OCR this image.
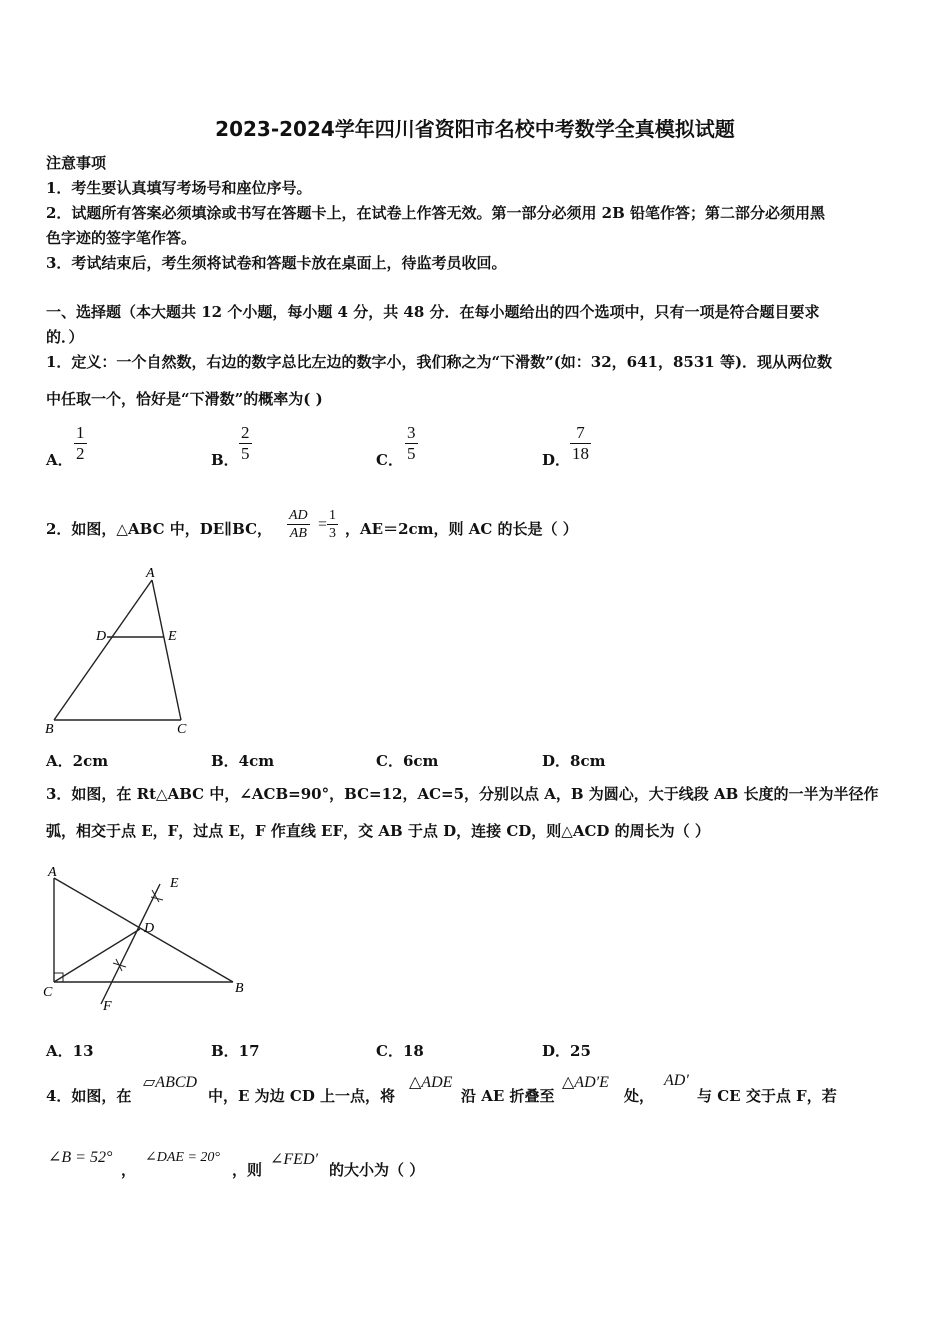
2023-2024学年四川省资阳市名校中考数学全真模拟试题
注意事项
1．考生要认真填写考场号和座位序号。
2．试题所有答案必须填涂或书写在答题卡上，在试卷上作答无效。第一部分必须用 2B 铅笔作答；第二部分必须用黑
色字迹的签字笔作答。
3．考试结束后，考生须将试卷和答题卡放在桌面上，待监考员收回。
一、选择题（本大题共 12 个小题，每小题 4 分，共 48 分．在每小题给出的四个选项中，只有一项是符合题目要求
的．）
1．定义：一个自然数，右边的数字总比左边的数字小，我们称之为“下滑数”(如：32，641，8531 等)．现从两位数
中任取一个，恰好是“下滑数”的概率为( )
A．
1
2	B．
2
5	C．
3
5	D．
7
18
2．如图，△ABC 中，DE∥BC，
AD
AB
=
1
3 ，AE＝2cm，则 AC 的长是（ ）
A
D	E
B	C
A．2cm	B．4cm	C．6cm	D．8cm
3．如图，在 Rt△ABC 中，∠ACB=90°，BC=12，AC=5，分别以点 A，B 为圆心，大于线段 AB 长度的一半为半径作
弧，相交于点 E，F，过点 E，F 作直线 EF，交 AB 于点 D，连接 CD，则△ACD 的周长为（ ）
A
E
D
C	B
F
A．13	B．17	C．18	D．25
4．如图，在
▱ABCD
中，E 为边 CD 上一点，将
△ADE
沿 AE 折叠至
△AD′E
处，
AD′
与 CE 交于点 F，若
∠B = 52°
，
∠DAE = 20°
，则
∠FED′
的大小为（ ）
